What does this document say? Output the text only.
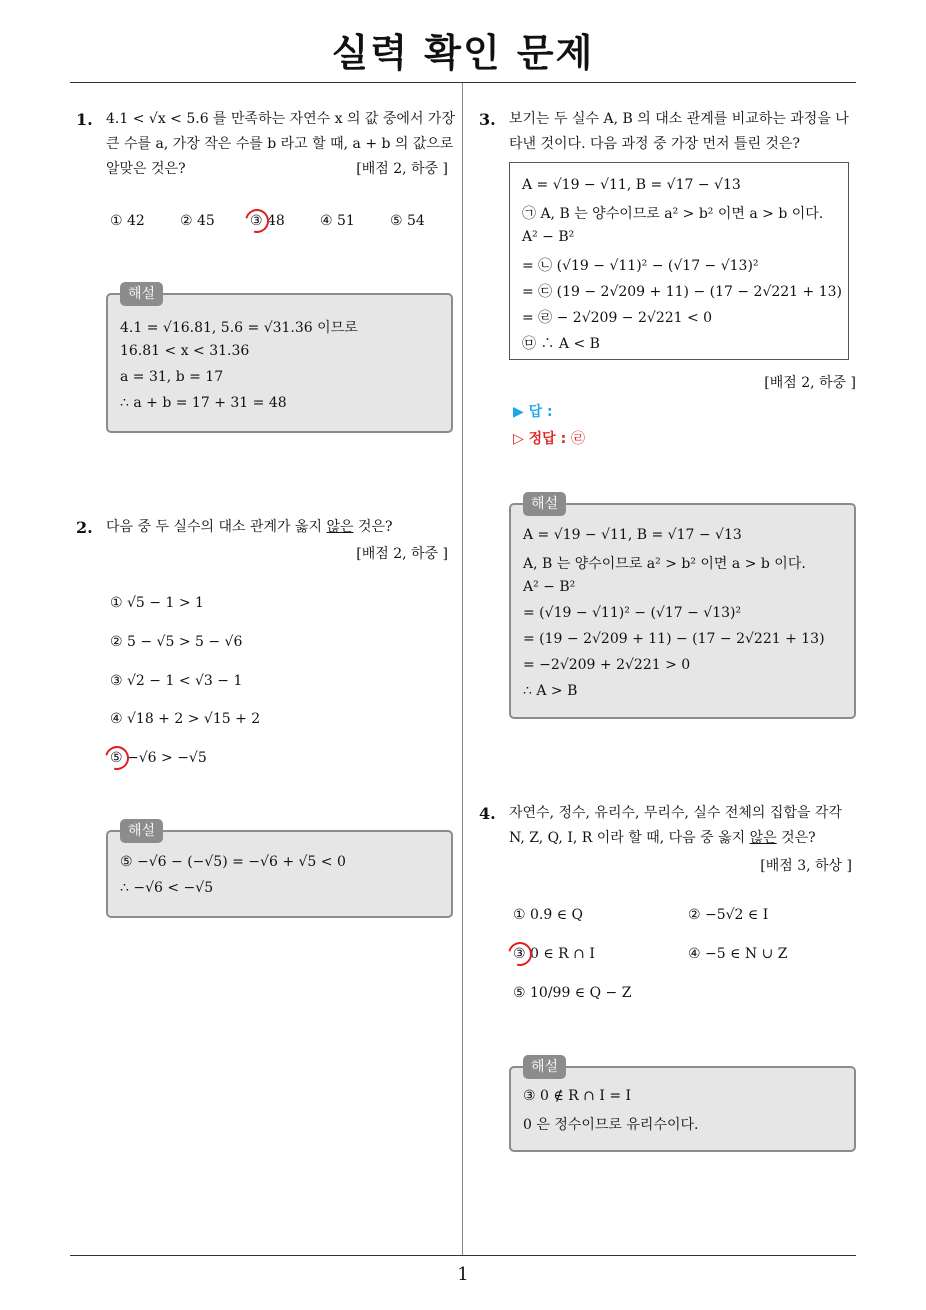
실력 확인 문제
1
1. 4.1 < √x < 5.6 를 만족하는 자연수 x 의 값 중에서 가장 큰 수를 a, 가장 작은 수를 b 라고 할 때, a + b 의 값으로 알맞은 것은?	[배점 2, 하중 ]
① 42	② 45	③ 48	④ 51	⑤ 54
4.1 = √16.81, 5.6 = √31.36 이므로
16.81 < x < 31.36
a = 31, b = 17
∴ a + b = 17 + 31 = 48
해설
2. 다음 중 두 실수의 대소 관계가 옳지 않은 것은?
[배점 2, 하중 ]
① √5 − 1 > 1
② 5 − √5 > 5 − √6
③ √2 − 1 < √3 − 1
④ √18 + 2 > √15 + 2
⑤ −√6 > −√5
⑤ −√6 − (−√5) = −√6 + √5 < 0
∴ −√6 < −√5
해설
3. 보기는 두 실수 A, B 의 대소 관계를 비교하는 과정을 나타낸 것이다. 다음 과정 중 가장 먼저 틀린 것은?
A = √19 − √11, B = √17 − √13
㉠ A, B 는 양수이므로 a² > b² 이면 a > b 이다.
A² − B²
= ㉡ (√19 − √11)² − (√17 − √13)²
= ㉢ (19 − 2√209 + 11) − (17 − 2√221 + 13)
= ㉣ − 2√209 − 2√221 < 0
㉤ ∴ A < B
[배점 2, 하중 ]
▶ 답 :
▷ 정답 : ㉣
A = √19 − √11, B = √17 − √13
A, B 는 양수이므로 a² > b² 이면 a > b 이다.
A² − B²
= (√19 − √11)² − (√17 − √13)²
= (19 − 2√209 + 11) − (17 − 2√221 + 13)
= −2√209 + 2√221 > 0
∴ A > B
해설
4. 자연수, 정수, 유리수, 무리수, 실수 전체의 집합을 각각 N, Z, Q, I, R 이라 할 때, 다음 중 옳지 않은 것은?
[배점 3, 하상 ]
① 0.9̇ ∈ Q	② −5√2 ∈ I
③ 0 ∈ R ∩ I	④ −5 ∈ N ∪ Z
⑤ 10/99 ∈ Q − Z
③ 0 ∉ R ∩ I = I
0 은 정수이므로 유리수이다.
해설
